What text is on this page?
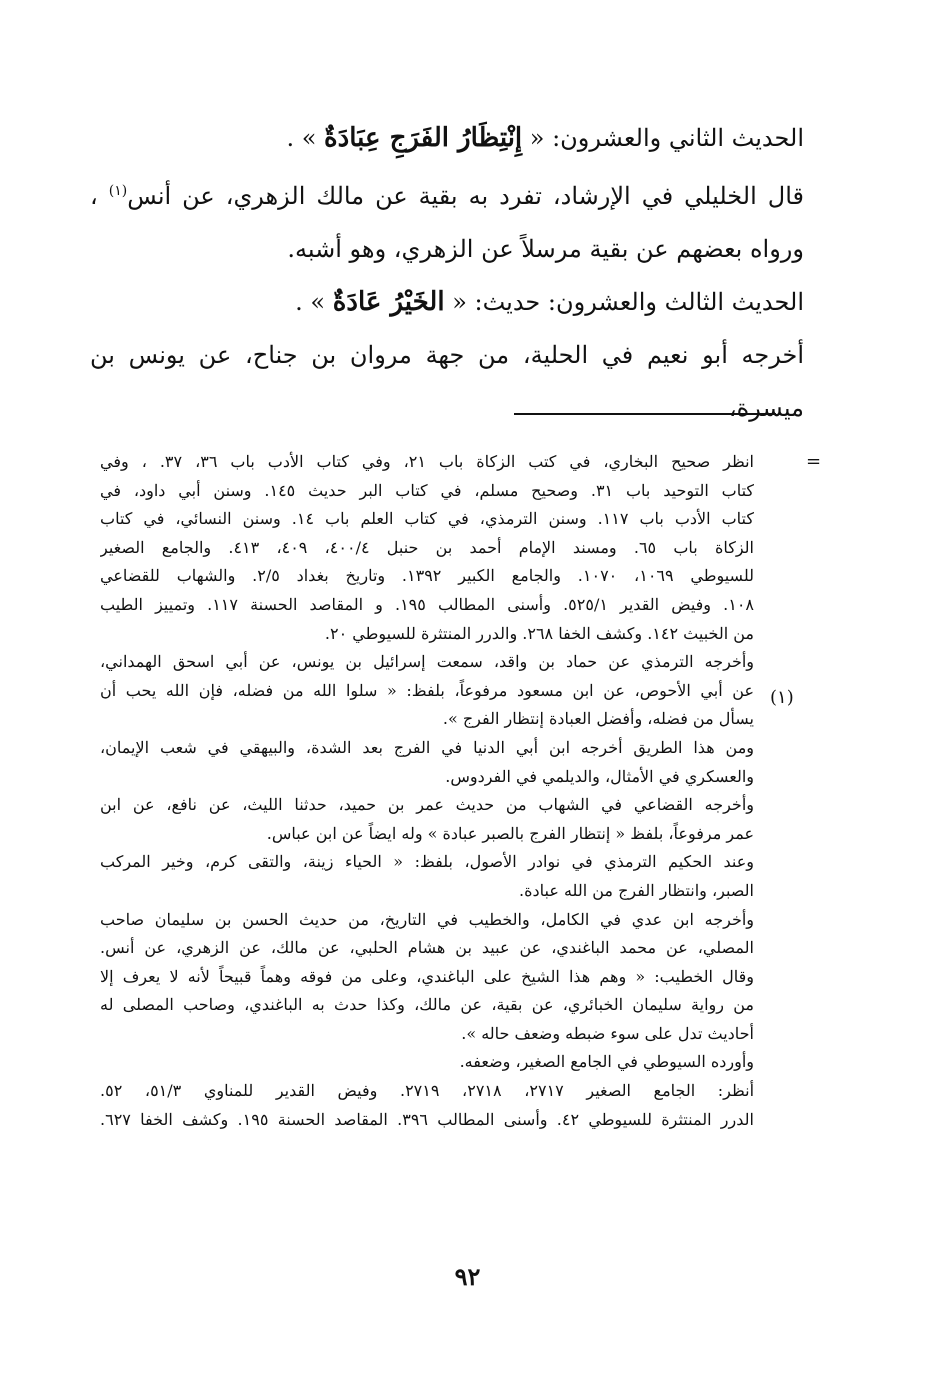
الحديث الثاني والعشرون: « إِنْتِظَارُ الفَرَجِ عِبَادَةٌ » .

قال الخليلي في الإرشاد، تفرد به بقية عن مالك الزهري، عن أنس$^{(١)}$ ،

ورواه بعضهم عن بقية مرسلاً عن الزهري، وهو أشبه.

الحديث الثالث والعشرون: حديث: « الخَيْرُ عَادَةٌ » .

أخرجه أبو نعيم في الحلية، من جهة مروان بن جناح، عن يونس بن ميسرة،

=
(١)

انظر صحيح البخاري، في كتب الزكاة باب ٢١، وفي كتاب الأدب باب ٣٦، ٣٧. ، وفي

كتاب التوحيد باب ٣١. وصحيح مسلم، في كتاب البر حديث ١٤٥. وسنن أبي داود، في

كتاب الأدب باب ١١٧. وسنن الترمذي، في كتاب العلم باب ١٤. وسنن النسائي، في كتاب

الزكاة باب ٦٥. ومسند الإمام أحمد بن حنبل ٤٠٠/٤، ٤٠٩، ٤١٣. والجامع الصغير

للسيوطي ١٠٦٩، ١٠٧٠. والجامع الكبير ١٣٩٢. وتاريخ بغداد ٢/٥. والشهاب للقضاعي

١٠٨. وفيض القدير ٥٢٥/١. وأسنى المطالب ١٩٥. و المقاصد الحسنة ١١٧. وتمييز الطيب

من الخبيث ١٤٢. وكشف الخفا ٢٦٨. والدرر المنتثرة للسيوطي ٢٠.

وأخرجه الترمذي عن حماد بن واقد، سمعت إسرائيل بن يونس، عن أبي اسحق الهمداني،

عن أبي الأحوص، عن ابن مسعود مرفوعاً، بلفظ: « سلوا الله من فضله، فإن الله يحب أن

يسأل من فضله، وأفضل العبادة إنتظار الفرج ».

ومن هذا الطريق أخرجه ابن أبي الدنيا في الفرج بعد الشدة، والبيهقي في شعب الإيمان،

والعسكري في الأمثال، والديلمي في الفردوس.

وأخرجه القضاعي في الشهاب من حديث عمر بن حميد، حدثنا الليث، عن نافع، عن ابن

عمر مرفوعاً، بلفظ « إنتظار الفرج بالصبر عبادة » وله ايضاً عن ابن عباس.

وعند الحكيم الترمذي في نوادر الأصول، بلفظ: « الحياء زينة، والتقى كرم، وخير المركب

الصبر، وانتظار الفرج من الله عبادة.

وأخرجه ابن عدي في الكامل، والخطيب في التاريخ، من حديث الحسن بن سليمان صاحب

المصلي، عن محمد الباغندي، عن عبيد بن هشام الحلبي، عن مالك، عن الزهري، عن أنس.

وقال الخطيب: « وهم هذا الشيخ على الباغندي، وعلى من فوقه وهماً قبيحاً لأنه لا يعرف إلا

من رواية سليمان الخبائري، عن بقية، عن مالك، وكذا حدث به الباغندي، وصاحب المصلى له

أحاديث تدل على سوء ضبطه وضعف حاله ».

وأورده السيوطي في الجامع الصغير، وضعفه.

أنظر: الجامع الصغير ٢٧١٧، ٢٧١٨، ٢٧١٩. وفيض القدير للمناوي ٥١/٣، ٥٢.

الدرر المنتثرة للسيوطي ٤٢. وأسنى المطالب ٣٩٦. المقاصد الحسنة ١٩٥. وكشف الخفا ٦٢٧.

٩٢
